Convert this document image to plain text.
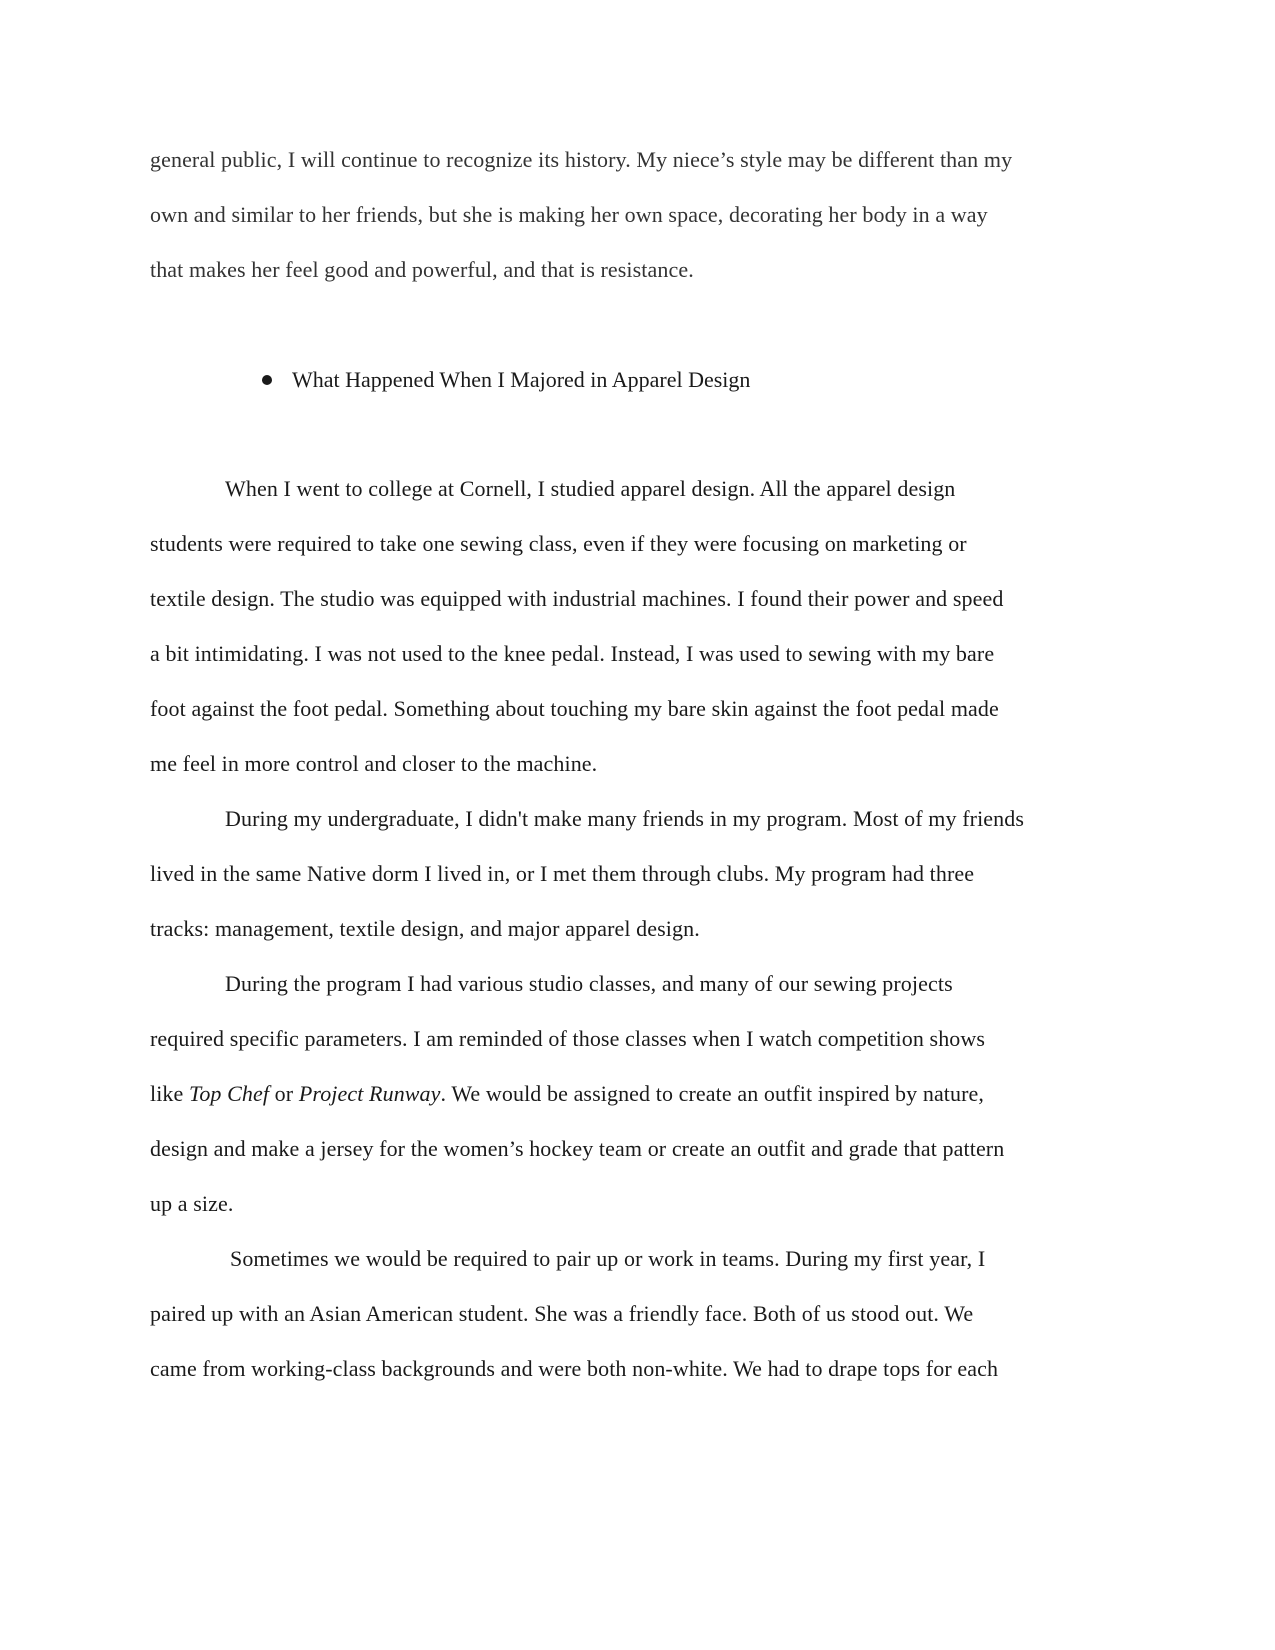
general public, I will continue to recognize its history. My niece’s style may be different than my
own and similar to her friends, but she is making her own space, decorating her body in a way
that makes her feel good and powerful, and that is resistance.
What Happened When I Majored in Apparel Design
When I went to college at Cornell, I studied apparel design. All the apparel design
students were required to take one sewing class, even if they were focusing on marketing or
textile design. The studio was equipped with industrial machines. I found their power and speed
a bit intimidating. I was not used to the knee pedal. Instead, I was used to sewing with my bare
foot against the foot pedal. Something about touching my bare skin against the foot pedal made
me feel in more control and closer to the machine.
During my undergraduate, I didn't make many friends in my program. Most of my friends
lived in the same Native dorm I lived in, or I met them through clubs. My program had three
tracks: management, textile design, and major apparel design.
During the program I had various studio classes, and many of our sewing projects
required specific parameters. I am reminded of those classes when I watch competition shows
like Top Chef or Project Runway. We would be assigned to create an outfit inspired by nature,
design and make a jersey for the women’s hockey team or create an outfit and grade that pattern
up a size.
Sometimes we would be required to pair up or work in teams. During my first year, I
paired up with an Asian American student. She was a friendly face. Both of us stood out. We
came from working-class backgrounds and were both non-white. We had to drape tops for each
